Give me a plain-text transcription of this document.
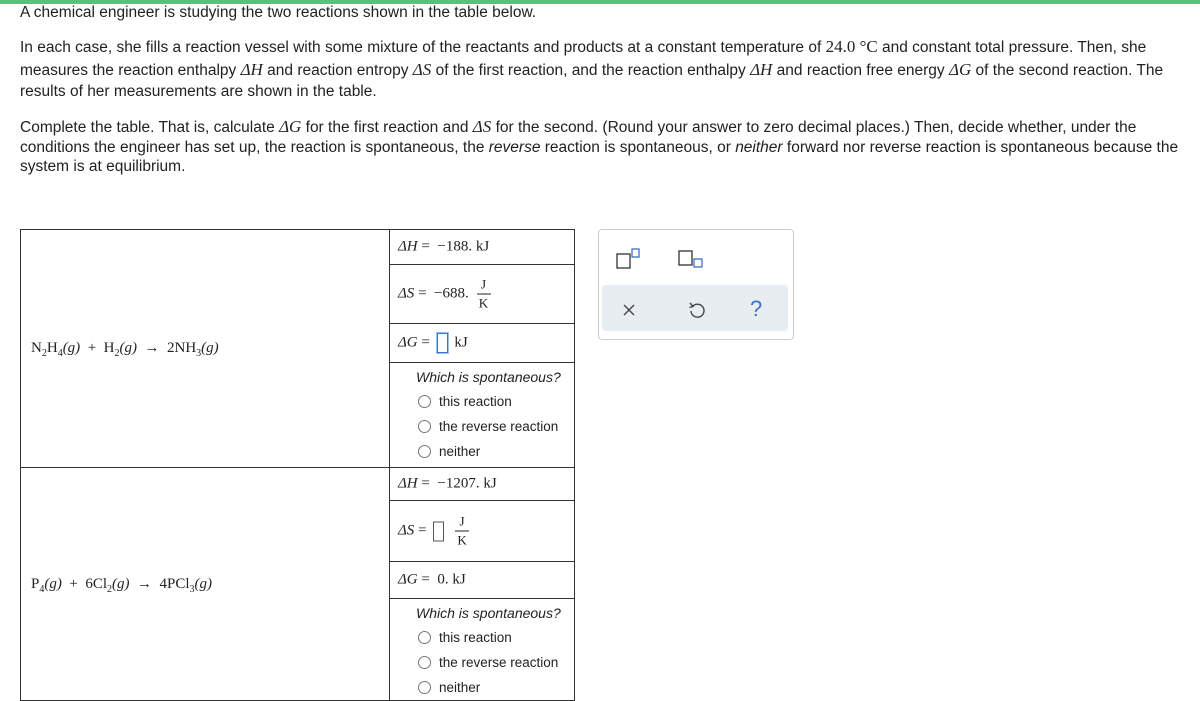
A chemical engineer is studying the two reactions shown in the table below.
In each case, she fills a reaction vessel with some mixture of the reactants and products at a constant temperature of 24.0 °C and constant total pressure. Then, she measures the reaction enthalpy ΔH and reaction entropy ΔS of the first reaction, and the reaction enthalpy ΔH and reaction free energy ΔG of the second reaction. The results of her measurements are shown in the table.
Complete the table. That is, calculate ΔG for the first reaction and ΔS for the second. (Round your answer to zero decimal places.) Then, decide whether, under the conditions the engineer has set up, the reaction is spontaneous, the reverse reaction is spontaneous, or neither forward nor reverse reaction is spontaneous because the system is at equilibrium.
$N_2H_4(g) + H_2(g) \to 2NH_3(g)$	ΔH =  −188. kJ

	ΔS =  −688. $\frac{J}{K}$

	ΔG =  kJ

	Which is spontaneous?
this reaction
the reverse reaction
neither

$P_4(g) + 6Cl_2(g) \to 4PCl_3(g)$	ΔH =  −1207. kJ

	$\Delta S = \frac{J}{K}$

	ΔG =  0. kJ

	Which is spontaneous?
this reaction
the reverse reaction
neither
?
